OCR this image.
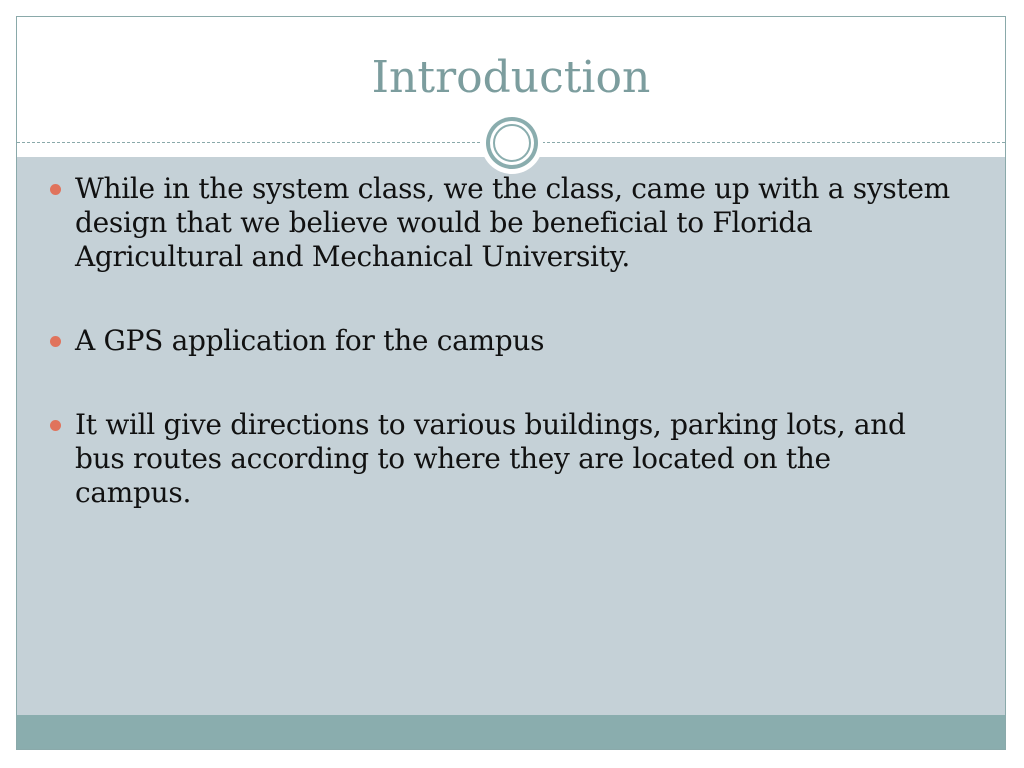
Introduction
While in the system class, we the class, came up with a system design that we believe would be beneficial to Florida Agricultural and Mechanical University.
A GPS application for the campus
It will give directions to various buildings, parking lots, and bus routes according to where they are located on the campus.
